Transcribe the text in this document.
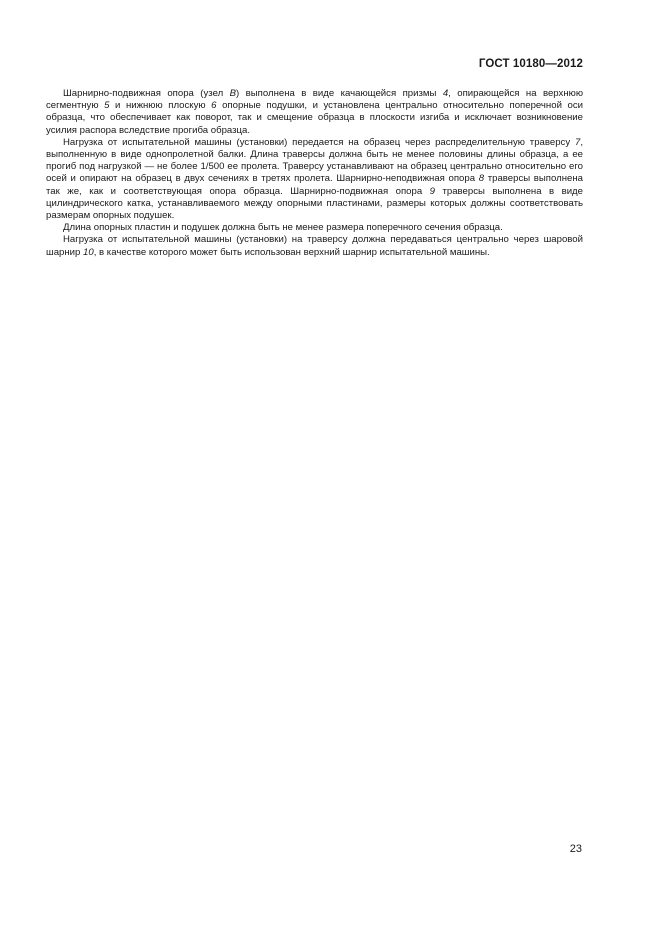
ГОСТ 10180—2012

Шарнирно-подвижная опора (узел В) выполнена в виде качающейся призмы 4, опирающейся на верхнюю сегментную 5 и нижнюю плоскую 6 опорные подушки, и установлена центрально относительно поперечной оси образца, что обеспечивает как поворот, так и смещение образца в плоскости изгиба и исключает возникновение усилия распора вследствие прогиба образца.

Нагрузка от испытательной машины (установки) передается на образец через распределительную траверсу 7, выполненную в виде однопролетной балки. Длина траверсы должна быть не менее половины длины образца, а ее прогиб под нагрузкой — не более 1/500 ее пролета. Траверсу устанавливают на образец центрально относительно его осей и опирают на образец в двух сечениях в третях пролета. Шарнирно-неподвижная опора 8 траверсы выполнена так же, как и соответствующая опора образца. Шарнирно-подвижная опора 9 траверсы выполнена в виде цилиндрического катка, устанавливаемого между опорными пластинами, размеры которых должны соответствовать размерам опорных подушек.

Длина опорных пластин и подушек должна быть не менее размера поперечного сечения образца.

Нагрузка от испытательной машины (установки) на траверсу должна передаваться центрально через шаровой шарнир 10, в качестве которого может быть использован верхний шарнир испытательной машины.

23
